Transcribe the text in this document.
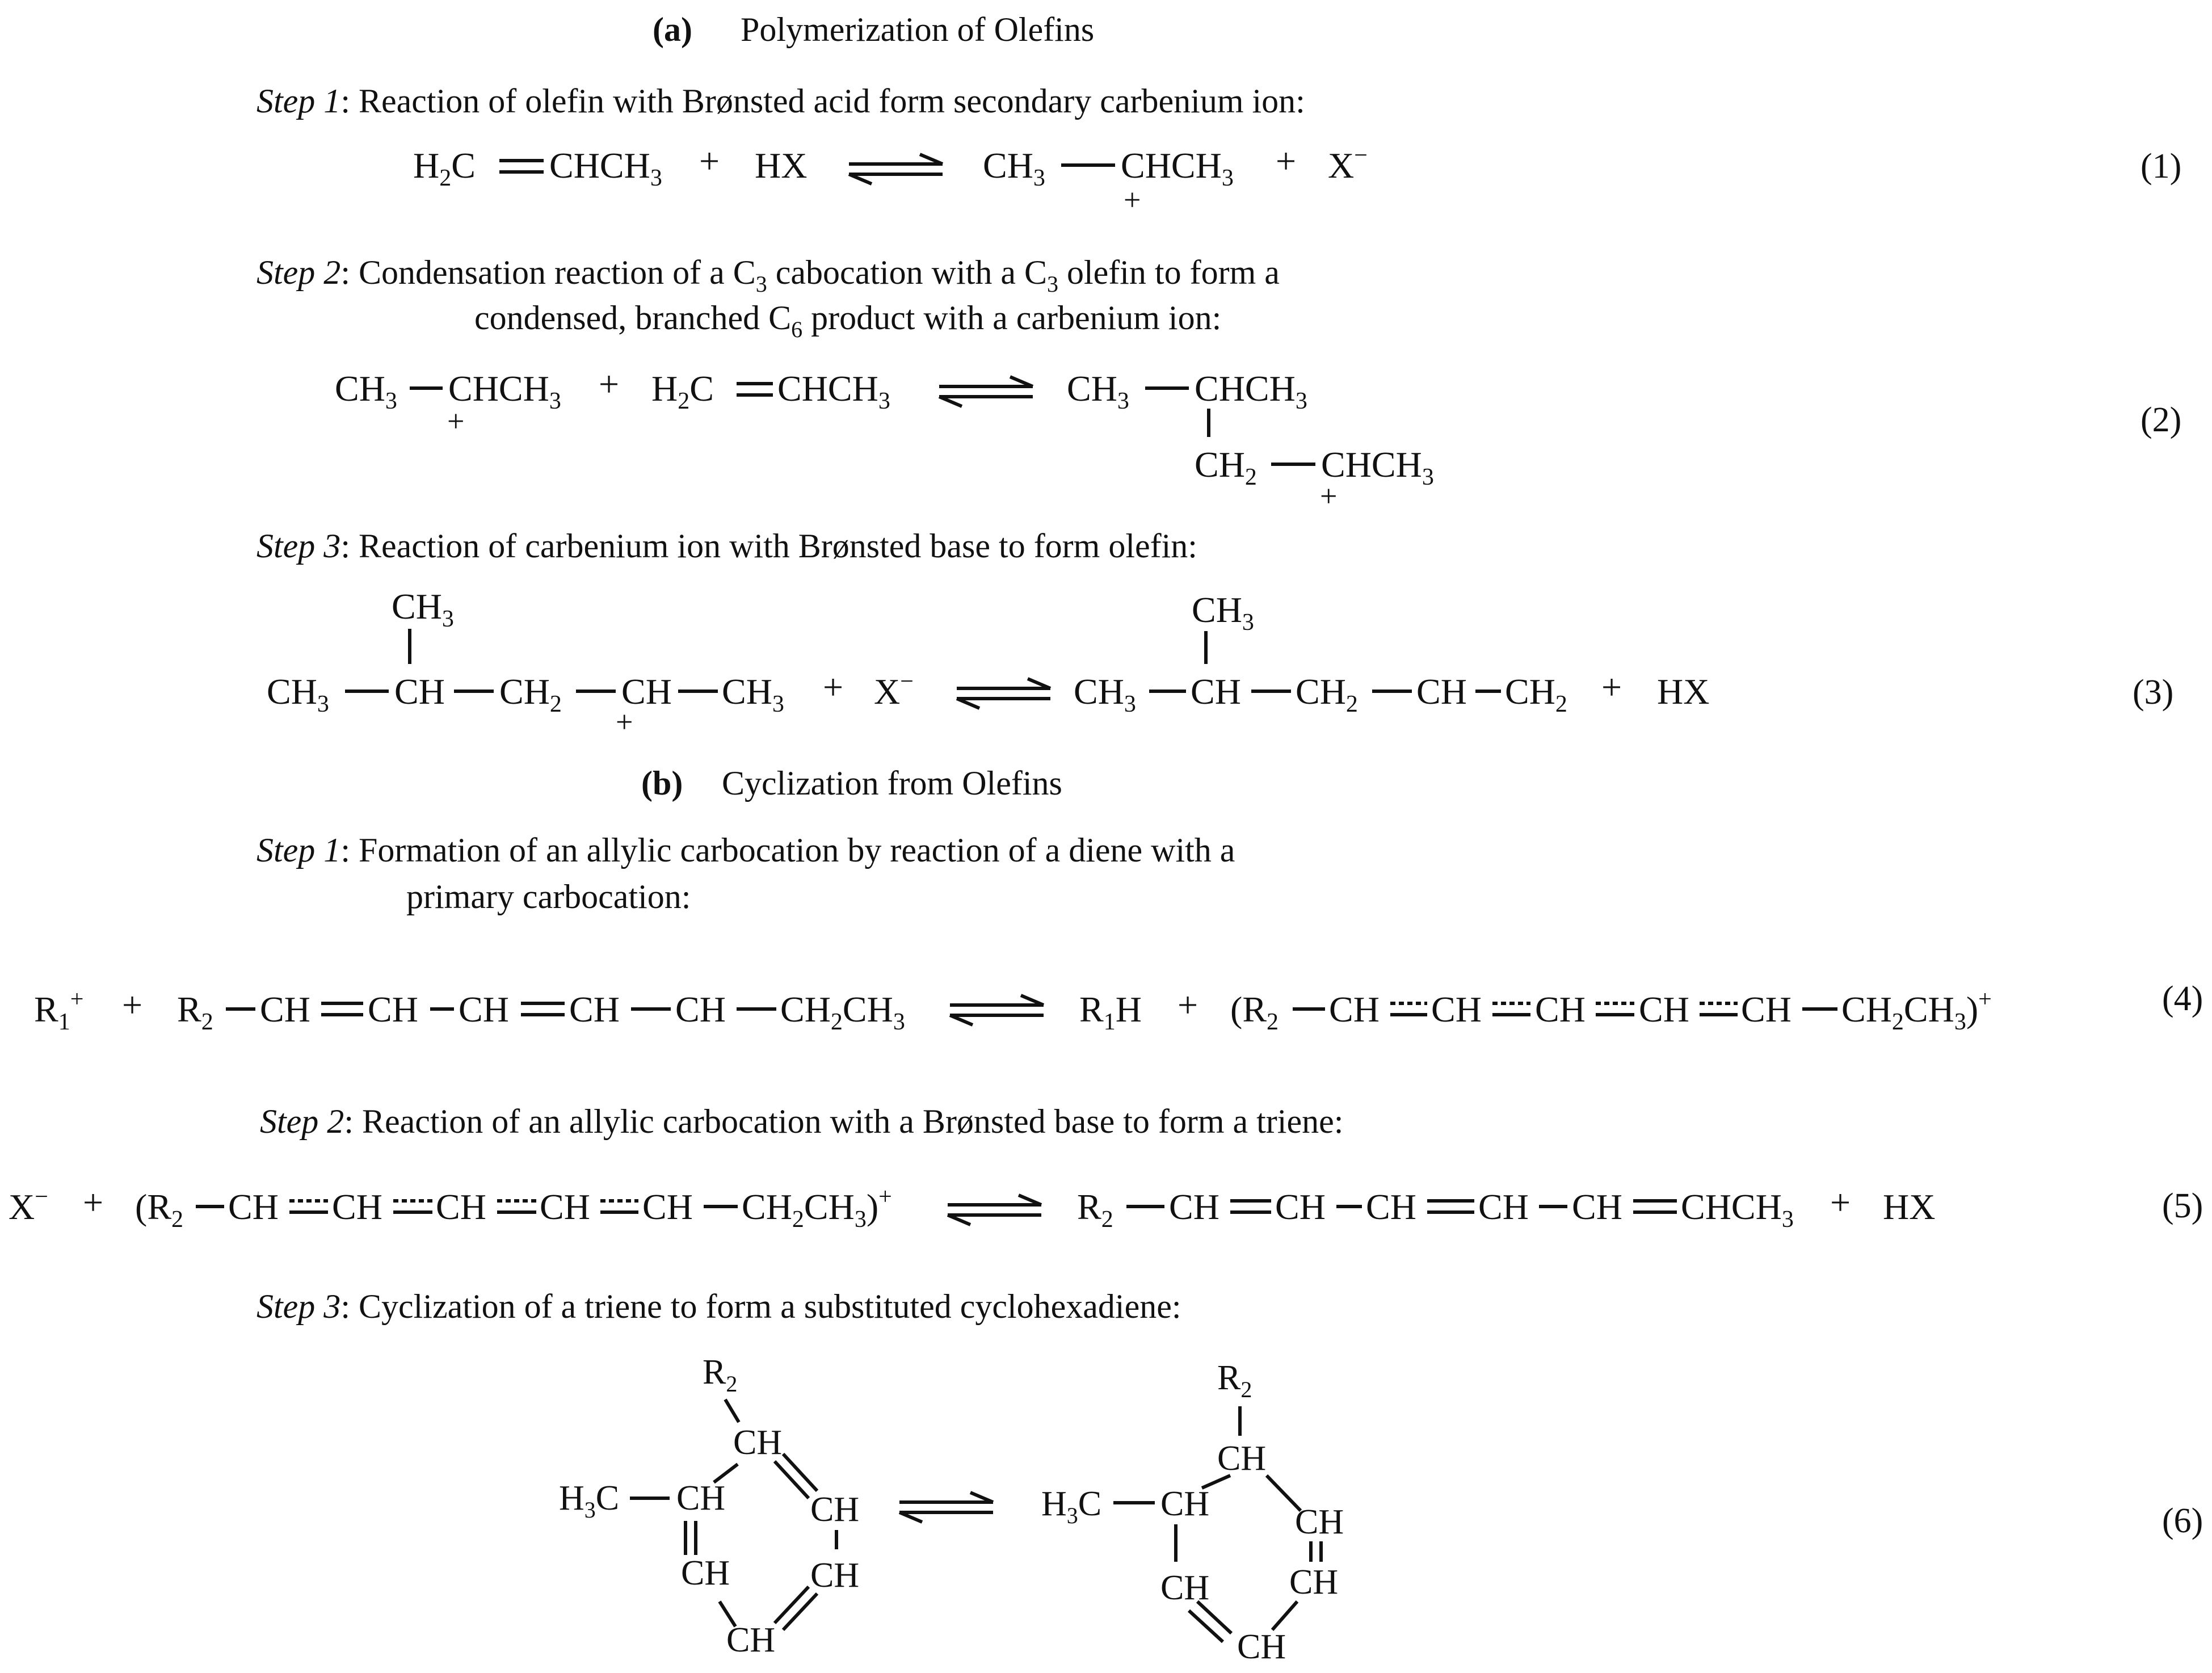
(a) Polymerization of Olefins
Step 1: Reaction of olefin with Brønsted acid form secondary carbenium ion:
$H_2C$ $CHCH_3$ + HX	$CH_3$ $CHCH_3$
+
+ X−	(1)
Step 2: Condensation reaction of a $C_3$ cabocation with a $C_3$ olefin to form a
condensed, branched $C_6$ product with a carbenium ion:
$CH_3$ $CHCH_3$
+
+ $H_2C$ $CHCH_3$	$CH_3$ $CHCH_3$
$CH_2$ $CHCH_3$
+
(2)
Step 3: Reaction of carbenium ion with Brønsted base to form olefin:
$CH_3$
$CH_3$ CH $CH_2$ CH
+
$CH_3 + X^-$
$CH_3$
$CH_3$ CH $CH_2$ CH $CH_2$ + HX	(3)
(b) Cyclization from Olefins
Step 1: Formation of an allylic carbocation by reaction of a diene with a
primary carbocation:
$R_1^+ + R_2$ CH CH CH CH CH $CH_2CH_3$	$R_1H + (R_2$ CH CH CH CH CH $CH_2CH_3)^+$	(4)
Step 2: Reaction of an allylic carbocation with a Brønsted base to form a triene:
$X^- + (R_2$ CH CH CH CH CH $CH_2CH_3)^+$	$R_2$ CH CH CH CH CH $CHCH_3$ + HX	(5)
Step 3: Cyclization of a triene to form a substituted cyclohexadiene:
$R_2$
CH
CH
CH
CH
CH
CH
$H_3C$
$R_2$
CH
CH
CH
CH
CH
CH
$H_3C$	(6)
